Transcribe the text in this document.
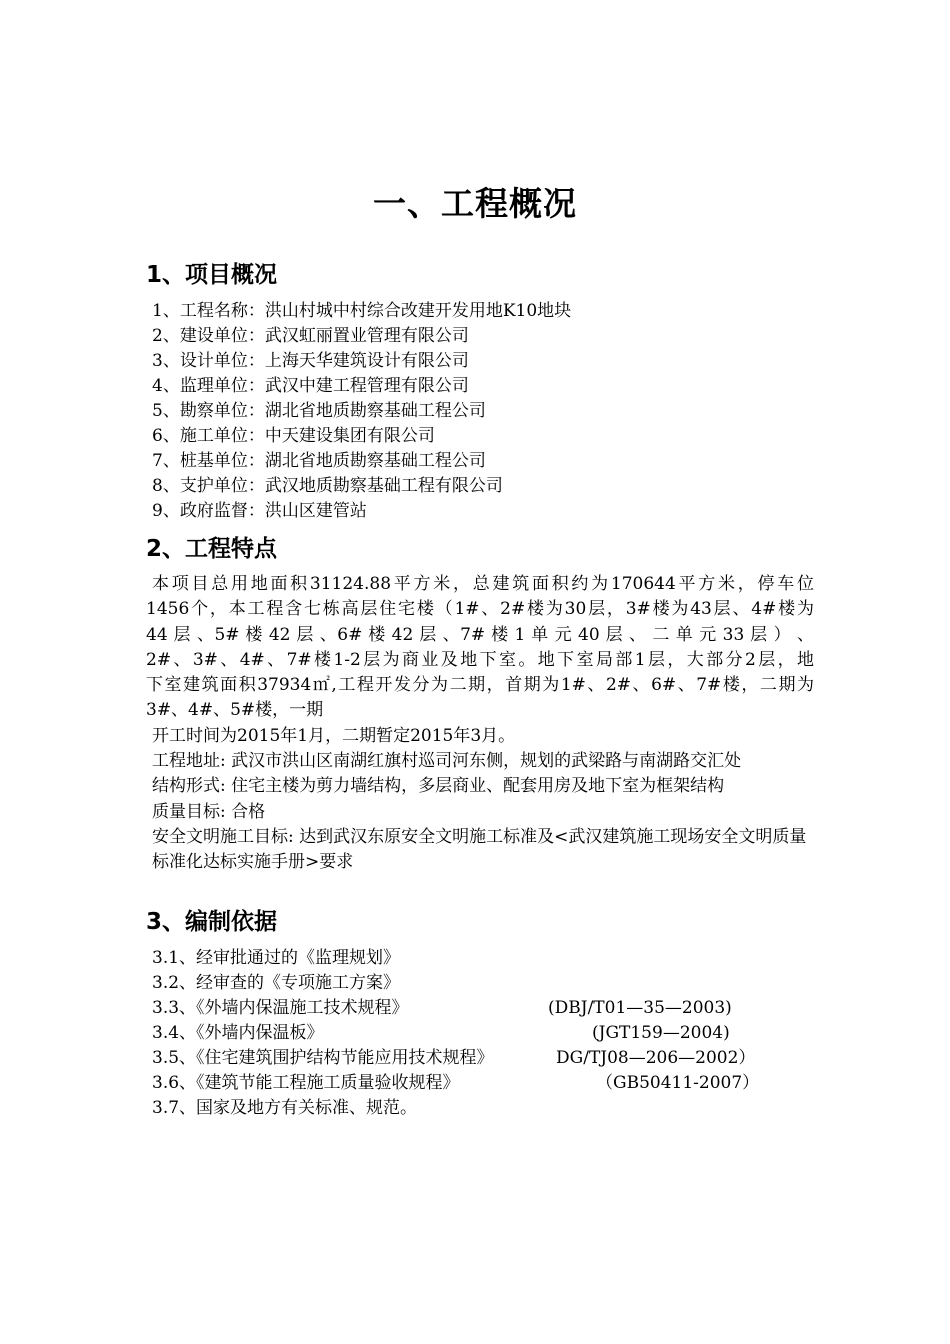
一、工程概况
1、项目概况
1、工程名称：洪山村城中村综合改建开发用地K10地块
2、建设单位：武汉虹丽置业管理有限公司
3、设计单位：上海天华建筑设计有限公司
4、监理单位：武汉中建工程管理有限公司
5、勘察单位：湖北省地质勘察基础工程公司
6、施工单位：中天建设集团有限公司
7、桩基单位：湖北省地质勘察基础工程公司
8、支护单位：武汉地质勘察基础工程有限公司
9、政府监督：洪山区建管站
2、工程特点

本项目总用地面积31124.88平方米，总建筑面积约为170644平方米，停车位

1456个，本工程含七栋高层住宅楼（1#、2#楼为30层，3#楼为43层、4#楼为

44 层 、5# 楼 42 层 、6# 楼 42 层 、7# 楼 1 单 元 40 层 、 二 单 元 33 层 ） 、

2#、3#、4#、7#楼1-2层为商业及地下室。地下室局部1层，大部分2层，地

下室建筑面积37934㎡,工程开发分为二期，首期为1#、2#、6#、7#楼，二期为

3#、4#、5#楼，一期

开工时间为2015年1月，二期暂定2015年3月。

工程地址: 武汉市洪山区南湖红旗村巡司河东侧，规划的武梁路与南湖路交汇处

结构形式: 住宅主楼为剪力墙结构，多层商业、配套用房及地下室为框架结构

质量目标: 合格

安全文明施工目标: 达到武汉东原安全文明施工标准及<武汉建筑施工现场安全文明质量标准化达标实施手册>要求

3、编制依据
3.1、经审批通过的《监理规划》
3.2、经审查的《专项施工方案》
3.3、《外墙内保温施工技术规程》	(DBJ/T01—35—2003)
3.4、《外墙内保温板》	(JGT159—2004)
3.5、《住宅建筑围护结构节能应用技术规程》	DG/TJ08—206—2002）
3.6、《建筑节能工程施工质量验收规程》	（GB50411-2007）
3.7、国家及地方有关标准、规范。
